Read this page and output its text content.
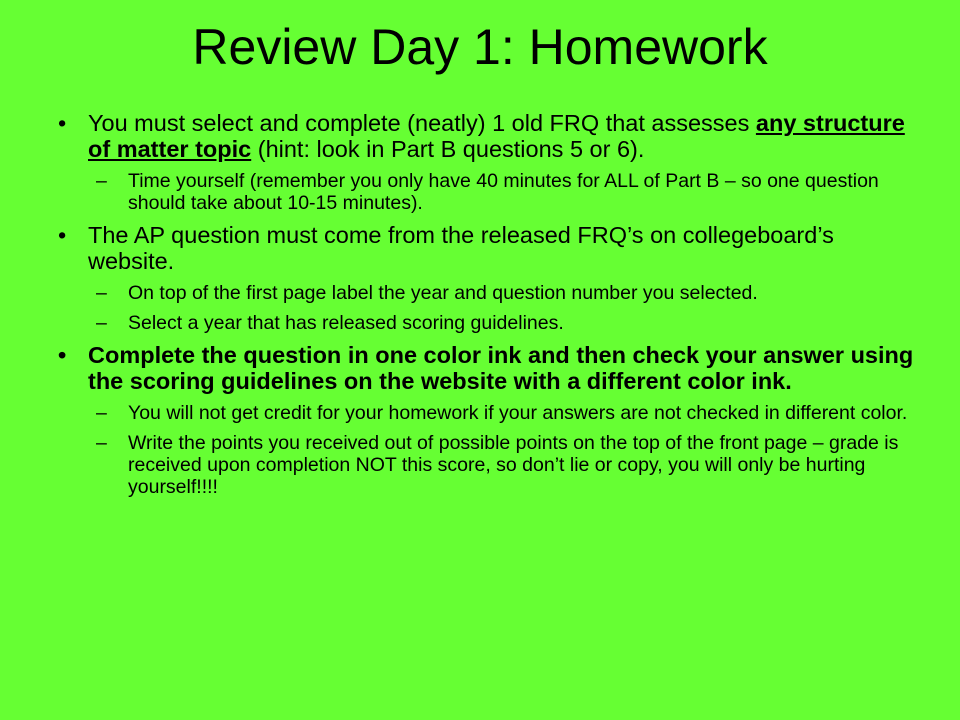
Review Day 1: Homework
• You must select and complete (neatly) 1 old FRQ that assesses any structure of matter topic (hint: look in Part B questions 5 or 6).
– Time yourself (remember you only have 40 minutes for ALL of Part B – so one question should take about 10-15 minutes).
• The AP question must come from the released FRQ’s on collegeboard’s website.
– On top of the first page label the year and question number you selected.
– Select a year that has released scoring guidelines.
• Complete the question in one color ink and then check your answer using the scoring guidelines on the website with a different color ink.
– You will not get credit for your homework if your answers are not checked in different color.
– Write the points you received out of possible points on the top of the front page – grade is received upon completion NOT this score, so don’t lie or copy, you will only be hurting yourself!!!!
